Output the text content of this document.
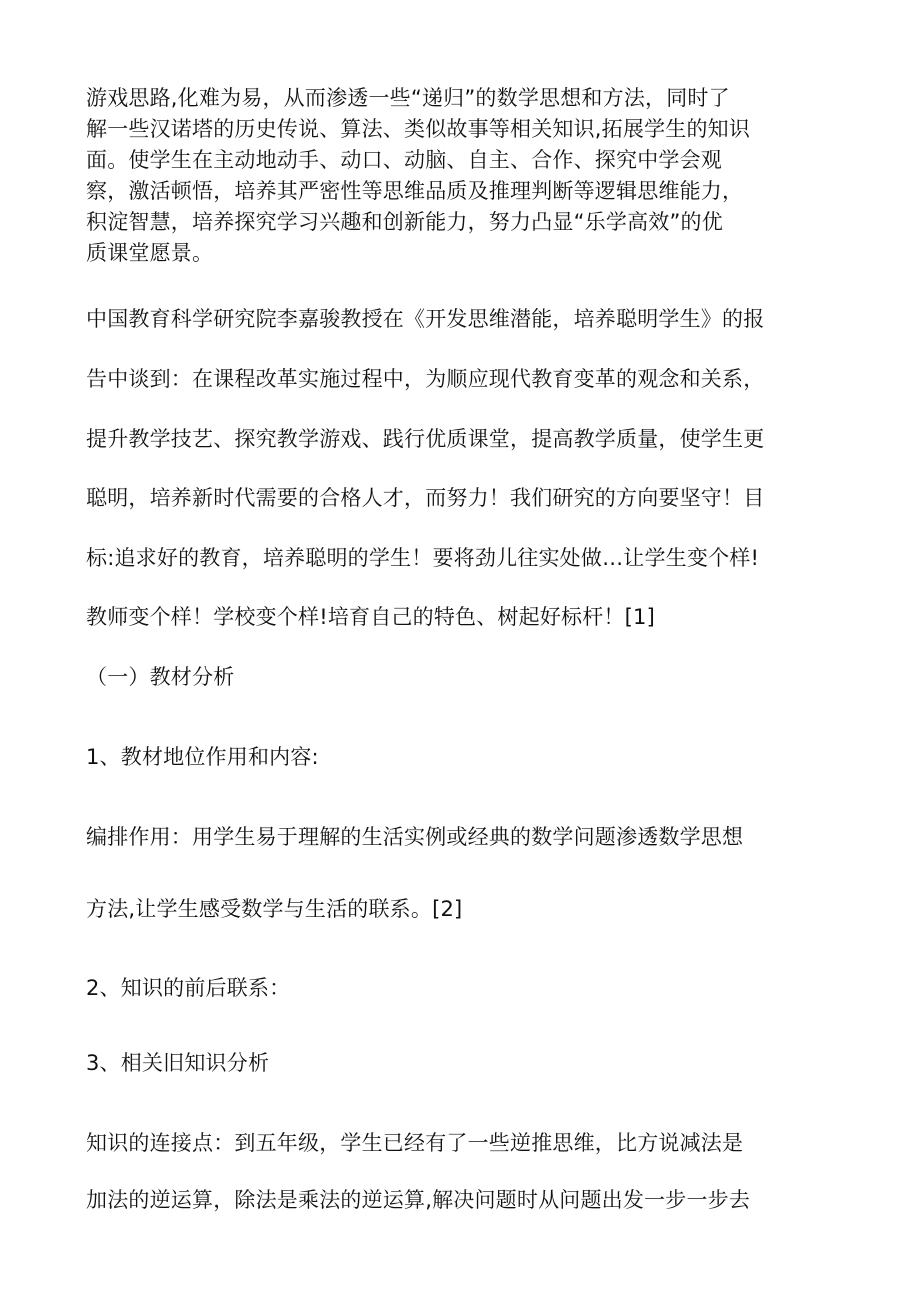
游戏思路,化难为易，从而渗透一些“递归”的数学思想和方法，同时了
解一些汉诺塔的历史传说、算法、类似故事等相关知识,拓展学生的知识
面。使学生在主动地动手、动口、动脑、自主、合作、探究中学会观
察，激活顿悟，培养其严密性等思维品质及推理判断等逻辑思维能力，
积淀智慧，培养探究学习兴趣和创新能力，努力凸显“乐学高效”的优
质课堂愿景。
中国教育科学研究院李嘉骏教授在《开发思维潜能，培养聪明学生》的报
告中谈到：在课程改革实施过程中，为顺应现代教育变革的观念和关系，
提升教学技艺、探究教学游戏、践行优质课堂，提高教学质量，使学生更
聪明，培养新时代需要的合格人才，而努力！我们研究的方向要坚守！目
标:追求好的教育，培养聪明的学生！要将劲儿往实处做…让学生变个样!
教师变个样！学校变个样!培育自己的特色、树起好标杆！[1]
（一）教材分析
1、教材地位作用和内容:
编排作用：用学生易于理解的生活实例或经典的数学问题渗透数学思想
方法,让学生感受数学与生活的联系。[2]
2、知识的前后联系：
3、相关旧知识分析
知识的连接点：到五年级，学生已经有了一些逆推思维，比方说减法是
加法的逆运算，除法是乘法的逆运算,解决问题时从问题出发一步一步去
